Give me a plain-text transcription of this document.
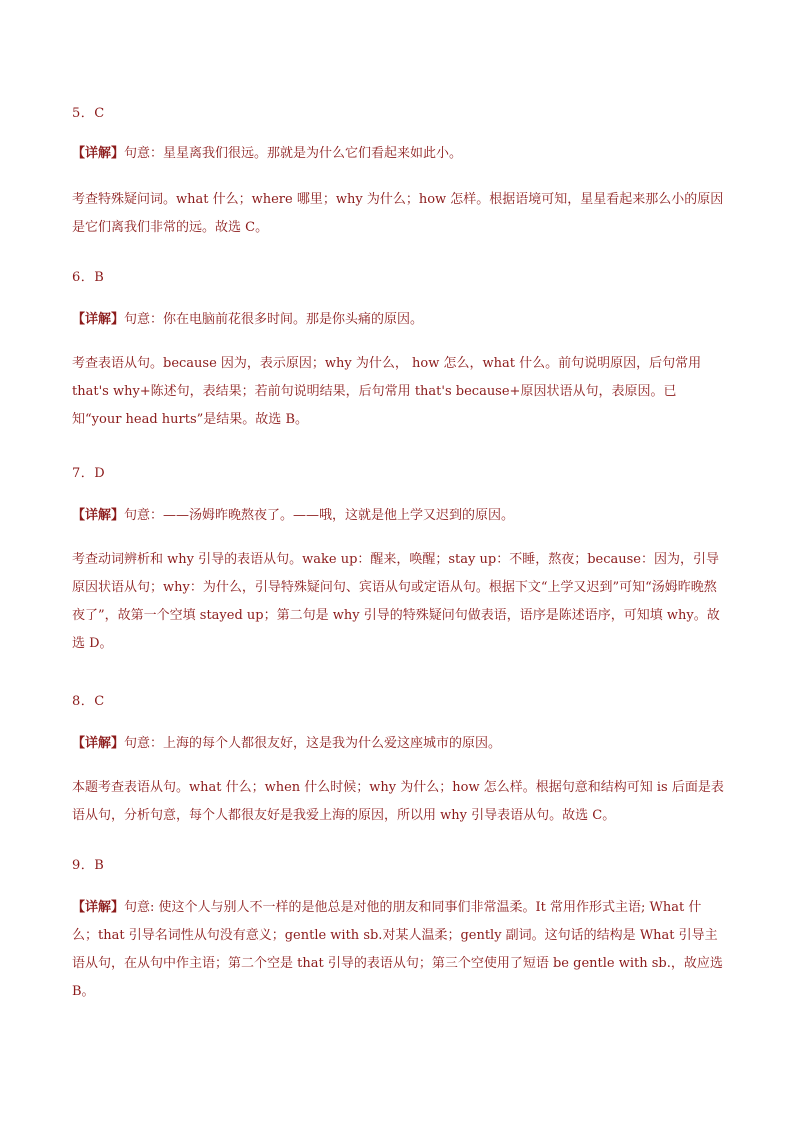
5．C
【详解】句意：星星离我们很远。那就是为什么它们看起来如此小。
考查特殊疑问词。what 什么；where 哪里；why 为什么；how 怎样。根据语境可知，星星看起来那么小的原因是它们离我们非常的远。故选 C。
6．B
【详解】句意：你在电脑前花很多时间。那是你头痛的原因。
考查表语从句。because 因为，表示原因；why 为什么， how 怎么，what 什么。前句说明原因，后句常用 that's why+陈述句，表结果；若前句说明结果，后句常用 that's because+原因状语从句，表原因。已知“your head hurts”是结果。故选 B。
7．D
【详解】句意：——汤姆昨晚熬夜了。——哦，这就是他上学又迟到的原因。
考查动词辨析和 why 引导的表语从句。wake up：醒来，唤醒；stay up：不睡，熬夜；because：因为，引导原因状语从句；why：为什么，引导特殊疑问句、宾语从句或定语从句。根据下文“上学又迟到”可知“汤姆昨晚熬夜了”，故第一个空填 stayed up；第二句是 why 引导的特殊疑问句做表语，语序是陈述语序，可知填 why。故选 D。
8．C
【详解】句意：上海的每个人都很友好，这是我为什么爱这座城市的原因。
本题考查表语从句。what 什么；when 什么时候；why 为什么；how 怎么样。根据句意和结构可知 is 后面是表语从句，分析句意，每个人都很友好是我爱上海的原因，所以用 why 引导表语从句。故选 C。
9．B
【详解】句意: 使这个人与别人不一样的是他总是对他的朋友和同事们非常温柔。It 常用作形式主语; What 什么；that 引导名词性从句没有意义；gentle with sb.对某人温柔；gently 副词。这句话的结构是 What 引导主语从句，在从句中作主语；第二个空是 that 引导的表语从句；第三个空使用了短语 be gentle with sb.，故应选 B。
